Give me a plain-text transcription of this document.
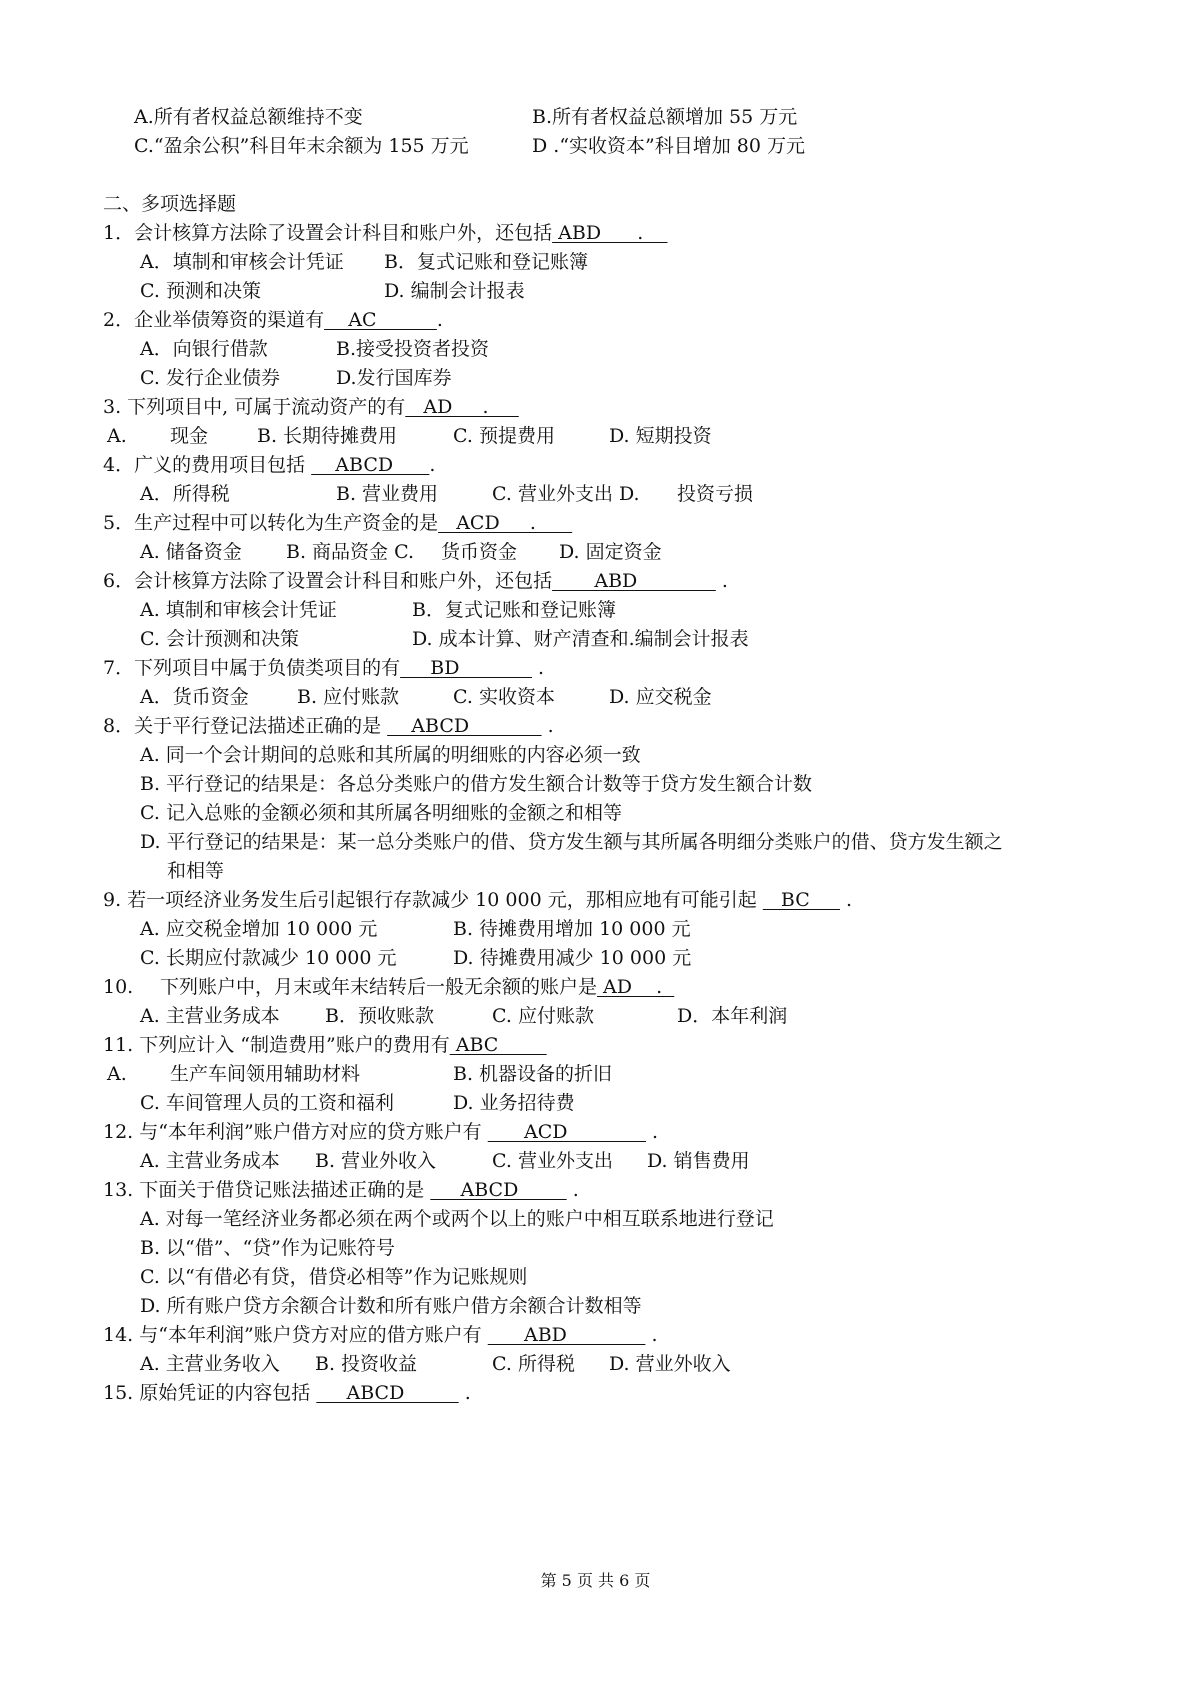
A.所有者权益总额维持不变	B.所有者权益总额增加 55 万元
C.“盈余公积”科目年末余额为 155 万元	D .“实收资本”科目增加 80 万元
二、多项选择题
1．会计核算方法除了设置会计科目和账户外，还包括 ABD      .
A．填制和审核会计凭证 B．复式记账和登记账簿
C. 预测和决策	D. 编制会计报表
2．企业举债筹资的渠道有    AC          .
A．向银行借款	B.接受投资者投资
C. 发行企业债券	D.发行国库券
3. 下列项目中, 可属于流动资产的有   AD     .
A. 现金	B. 长期待摊费用	C. 预提费用	D. 短期投资
4．广义的费用项目包括     ABCD      .
A．所得税	B. 营业费用	C. 营业外支出 D. 投资亏损
5．生产过程中可以转化为生产资金的是   ACD     .
A. 储备资金 B. 商品资金 C. 货币资金 D. 固定资金
6．会计核算方法除了设置会计科目和账户外，还包括       ABD              .
A. 填制和审核会计凭证	B．复式记账和登记账簿
C. 会计预测和决策	D. 成本计算、财产清查和.编制会计报表
7．下列项目中属于负债类项目的有     BD             .
A．货币资金	B. 应付账款	C. 实收资本	D. 应交税金
8．关于平行登记法描述正确的是     ABCD             .
A. 同一个会计期间的总账和其所属的明细账的内容必须一致
B. 平行登记的结果是：各总分类账户的借方发生额合计数等于贷方发生额合计数
C. 记入总账的金额必须和其所属各明细账的金额之和相等
D. 平行登记的结果是：某一总分类账户的借、贷方发生额与其所属各明细分类账户的借、贷方发生额之
和相等
9. 若一项经济业务发生后引起银行存款减少 10 000 元，那相应地有可能引起    BC      .
A. 应交税金增加 10 000 元	B. 待摊费用增加 10 000 元
C. 长期应付款减少 10 000 元	D. 待摊费用减少 10 000 元
10. 下列账户中，月末或年末结转后一般无余额的账户是 AD    .
A. 主营业务成本 B．预收账款	C. 应付账款	D．本年利润
11. 下列应计入 “制造费用”账户的费用有 ABC
A. 生产车间领用辅助材料	B. 机器设备的折旧
C. 车间管理人员的工资和福利	D. 业务招待费
12. 与“本年利润”账户借方对应的贷方账户有       ACD              .
A. 主营业务成本 B. 营业外收入	C. 营业外支出 D. 销售费用
13. 下面关于借贷记账法描述正确的是      ABCD         .
A. 对每一笔经济业务都必须在两个或两个以上的账户中相互联系地进行登记
B. 以“借”、“贷”作为记账符号
C. 以“有借必有贷，借贷必相等”作为记账规则
D. 所有账户贷方余额合计数和所有账户借方余额合计数相等
14. 与“本年利润”账户贷方对应的借方账户有       ABD              .
A. 主营业务收入 B. 投资收益	C. 所得税 D. 营业外收入
15. 原始凭证的内容包括      ABCD          .
第 5 页 共 6 页
